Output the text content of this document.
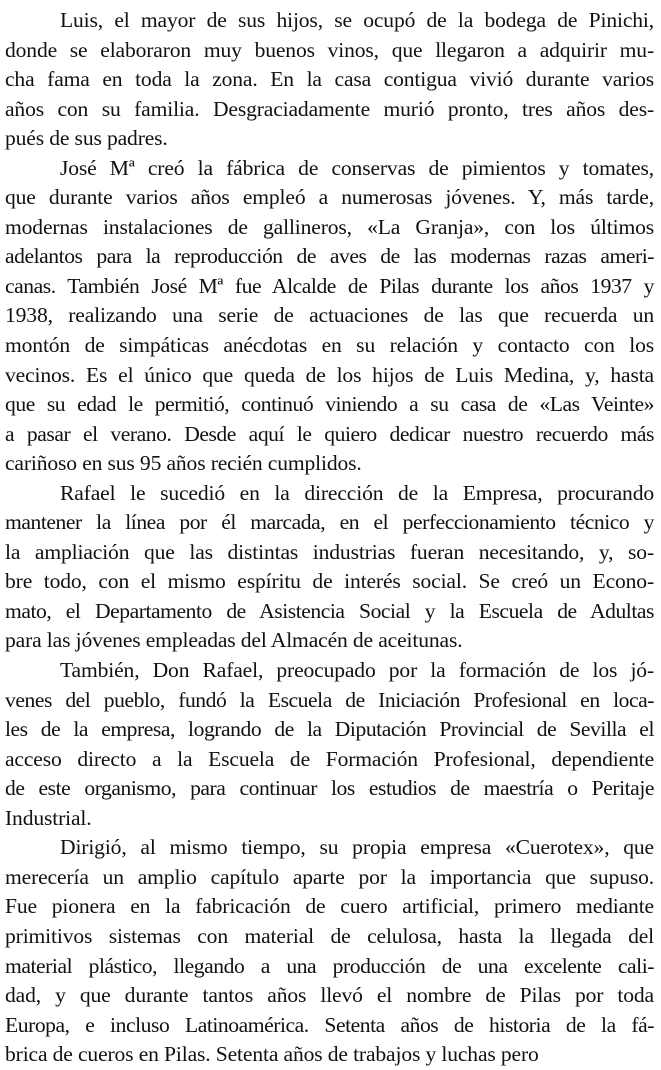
Luis, el mayor de sus hijos, se ocupó de la bodega de Pinichi,
donde se elaboraron muy buenos vinos, que llegaron a adquirir mu-
cha fama en toda la zona. En la casa contigua vivió durante varios
años con su familia. Desgraciadamente murió pronto, tres años des-
pués de sus padres.

José Mª creó la fábrica de conservas de pimientos y tomates,
que durante varios años empleó a numerosas jóvenes. Y, más tarde,
modernas instalaciones de gallineros, «La Granja», con los últimos
adelantos para la reproducción de aves de las modernas razas ameri-
canas. También José Mª fue Alcalde de Pilas durante los años 1937 y
1938, realizando una serie de actuaciones de las que recuerda un
montón de simpáticas anécdotas en su relación y contacto con los
vecinos. Es el único que queda de los hijos de Luis Medina, y, hasta
que su edad le permitió, continuó viniendo a su casa de «Las Veinte»
a pasar el verano. Desde aquí le quiero dedicar nuestro recuerdo más
cariñoso en sus 95 años recién cumplidos.

Rafael le sucedió en la dirección de la Empresa, procurando
mantener la línea por él marcada, en el perfeccionamiento técnico y
la ampliación que las distintas industrias fueran necesitando, y, so-
bre todo, con el mismo espíritu de interés social. Se creó un Econo-
mato, el Departamento de Asistencia Social y la Escuela de Adultas
para las jóvenes empleadas del Almacén de aceitunas.

También, Don Rafael, preocupado por la formación de los jó-
venes del pueblo, fundó la Escuela de Iniciación Profesional en loca-
les de la empresa, logrando de la Diputación Provincial de Sevilla el
acceso directo a la Escuela de Formación Profesional, dependiente
de este organismo, para continuar los estudios de maestría o Peritaje
Industrial.

Dirigió, al mismo tiempo, su propia empresa «Cuerotex», que
merecería un amplio capítulo aparte por la importancia que supuso.
Fue pionera en la fabricación de cuero artificial, primero mediante
primitivos sistemas con material de celulosa, hasta la llegada del
material plástico, llegando a una producción de una excelente cali-
dad, y que durante tantos años llevó el nombre de Pilas por toda
Europa, e incluso Latinoamérica. Setenta años de historia de la fá-
brica de cueros en Pilas. Setenta años de trabajos y luchas pero
